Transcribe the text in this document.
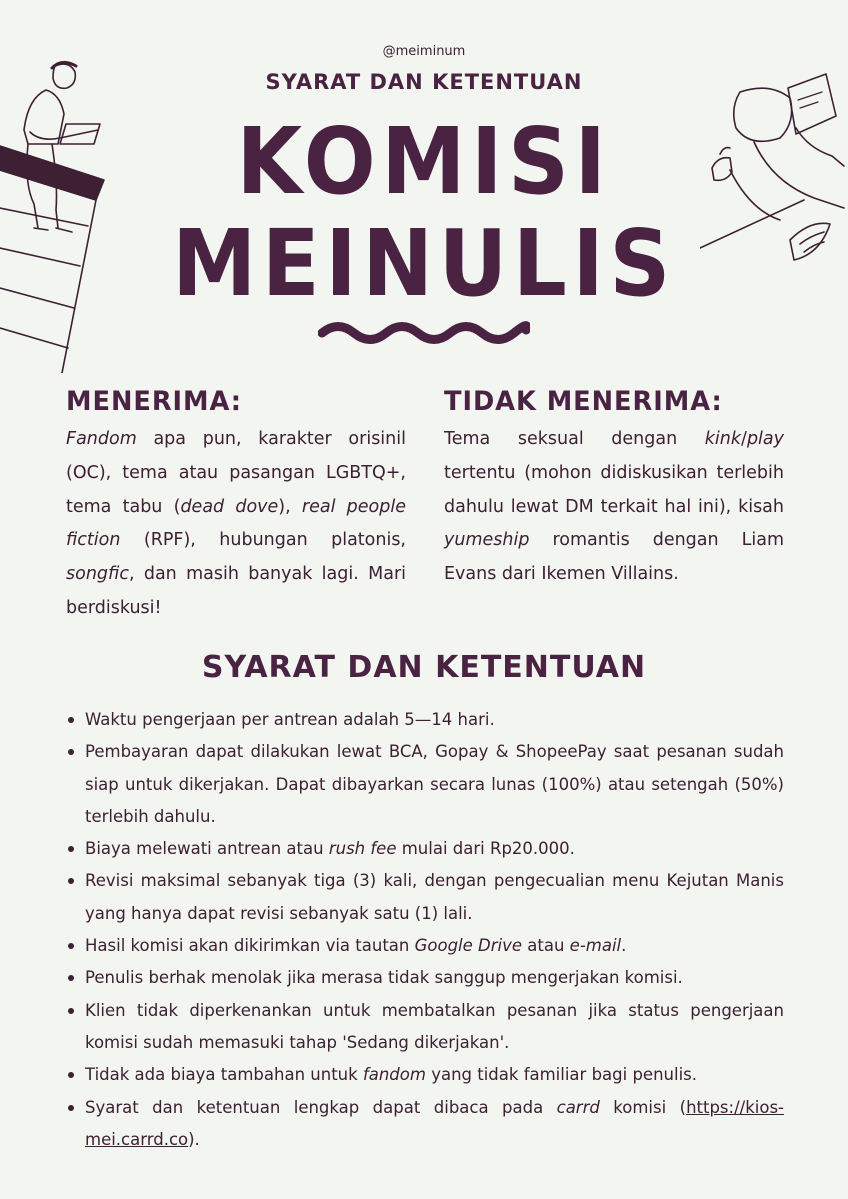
@meiminum
SYARAT DAN KETENTUAN
KOMISI
MEINULIS
MENERIMA:

Fandom apa pun, karakter orisinil (OC), tema atau pasangan LGBTQ+, tema tabu (dead dove), real people fiction (RPF), hubungan platonis, songfic, dan masih banyak lagi. Mari berdiskusi!

TIDAK MENERIMA:

Tema seksual dengan kink/play tertentu (mohon didiskusikan terlebih dahulu lewat DM terkait hal ini), kisah yumeship romantis dengan Liam Evans dari Ikemen Villains.

SYARAT DAN KETENTUAN
Waktu pengerjaan per antrean adalah 5—14 hari.
Pembayaran dapat dilakukan lewat BCA, Gopay & ShopeePay saat pesanan sudah siap untuk dikerjakan. Dapat dibayarkan secara lunas (100%) atau setengah (50%) terlebih dahulu.
Biaya melewati antrean atau rush fee mulai dari Rp20.000.
Revisi maksimal sebanyak tiga (3) kali, dengan pengecualian menu Kejutan Manis yang hanya dapat revisi sebanyak satu (1) lali.
Hasil komisi akan dikirimkan via tautan Google Drive atau e-mail.
Penulis berhak menolak jika merasa tidak sanggup mengerjakan komisi.
Klien tidak diperkenankan untuk membatalkan pesanan jika status pengerjaan komisi sudah memasuki tahap 'Sedang dikerjakan'.
Tidak ada biaya tambahan untuk fandom yang tidak familiar bagi penulis.
Syarat dan ketentuan lengkap dapat dibaca pada carrd komisi (https://kios-mei.carrd.co).
